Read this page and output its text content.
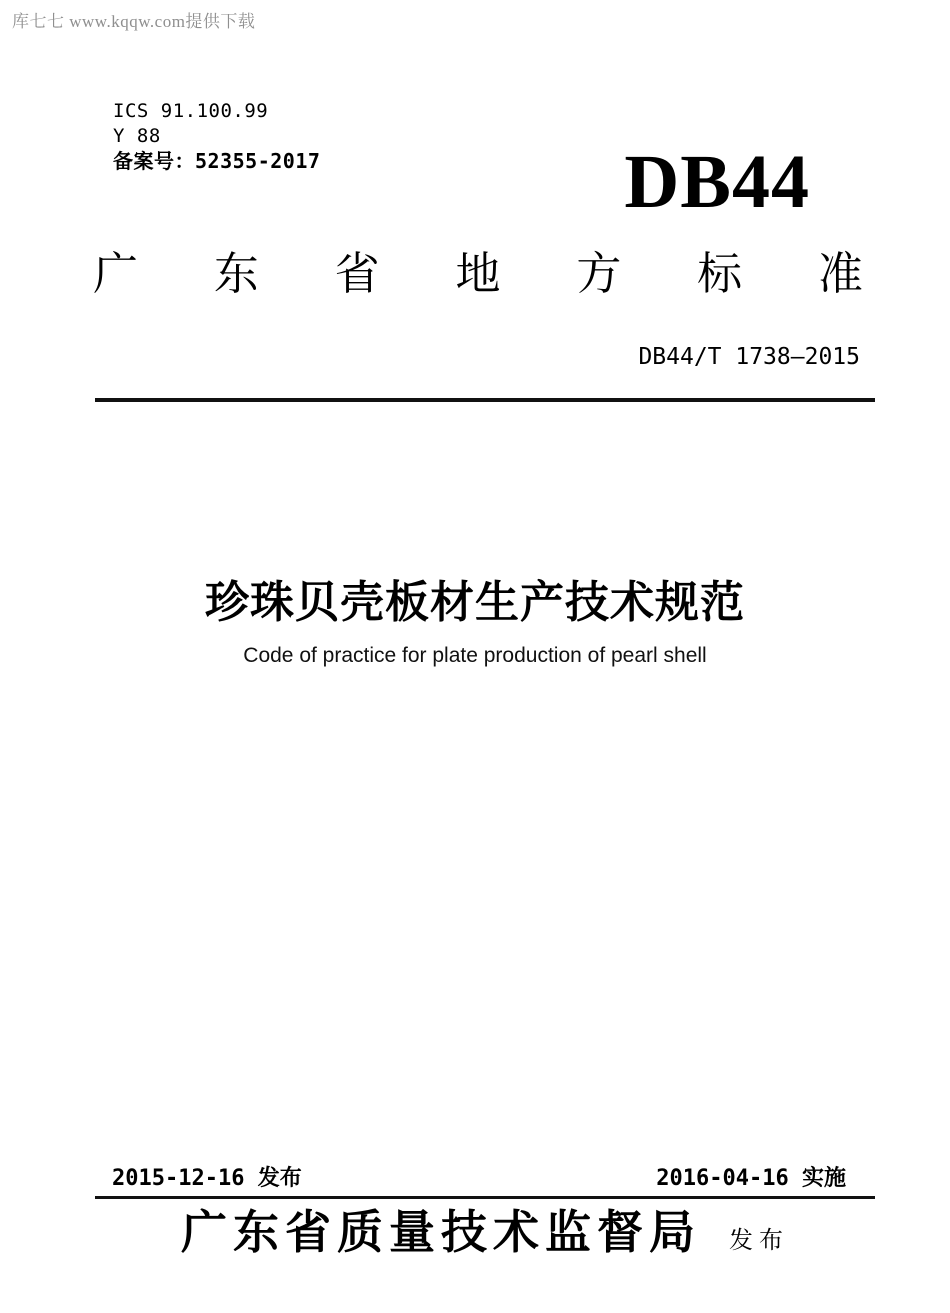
库七七 www.kqqw.com提供下载
ICS 91.100.99
Y 88
备案号：52355-2017	DB44
广 东 省 地 方 标 准
DB44/T 1738—2015
珍珠贝壳板材生产技术规范
Code of practice for plate production of pearl shell
2015-12-16 发布	2016-04-16 实施
广东省质量技术监督局 发布
